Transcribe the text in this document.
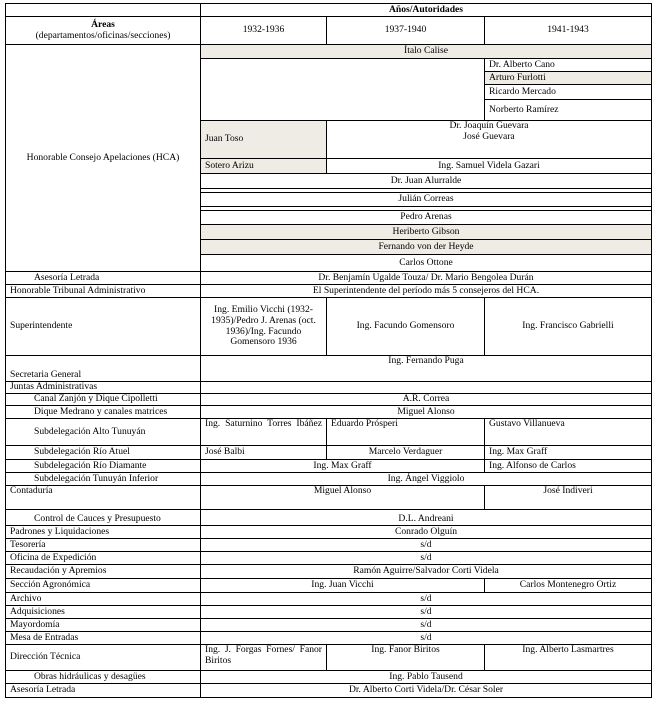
	Años/Autoridades		
Áreas
(departamentos/oficinas/secciones)	1932-1936	1937-1940	1941-1943
Honorable Consejo Apelaciones (HCA)	Ítalo Calise		
			Dr. Alberto Cano
			Arturo Furlotti
			Ricardo Mercado
			Norberto Ramírez
	Juan Toso	Dr. Joaquín Guevara
José Guevara	
	Sotero Arizu	Ing. Samuel Videla Gazari	
	Dr. Juan Alurralde		

	Julián Correas		

	Pedro Arenas		
	Heriberto Gibson		
	Fernando von der Heyde		
	Carlos Ottone		
Asesoría Letrada	Dr. Benjamín Ugalde Touza/ Dr. Mario Bengolea Durán		
Honorable Tribunal Administrativo	El Superintendente del período más 5 consejeros del HCA.		
Superintendente	Ing. Emilio Vicchi (1932-1935)/Pedro J. Arenas (oct. 1936)/Ing. Facundo Gomensoro 1936	Ing. Facundo Gomensoro	Ing. Francisco Gabrielli
Secretaria General	Ing. Fernando Puga		
Juntas Administrativas			
Canal Zanjón y Dique Cipolletti	A.R. Correa		
Dique Medrano y canales matrices	Miguel Alonso		
Subdelegación Alto Tunuyán	Ing. Saturnino Torres Ibáñez	Eduardo Prósperi	Gustavo Villanueva
Subdelegación Río Atuel	José Balbi	Marcelo Verdaguer	Ing. Max Graff
Subdelegación Río Diamante	Ing. Max Graff		Ing. Alfonso de Carlos
Subdelegación Tunuyán Inferior	Ing. Ángel Viggiolo		
Contaduría	Miguel Alonso		José Indiveri
Control de Cauces y Presupuesto	D.L. Andreani		
Padrones y Liquidaciones	Conrado Olguín		
Tesorería	s/d		
Oficina de Expedición	s/d		
Recaudación y Apremios	Ramón Aguirre/Salvador Corti Videla		
Sección Agronómica	Ing. Juan Vicchi		Carlos Montenegro Ortiz
Archivo	s/d		
Adquisiciones	s/d		
Mayordomía	s/d		
Mesa de Entradas	s/d		
Dirección Técnica	Ing. J. Forgas Fornes/ Fanor Biritos	Ing. Fanor Biritos	Ing. Alberto Lasmartres
Obras hidráulicas y desagües	Ing. Pablo Tausend		
Asesoría Letrada	Dr. Alberto Corti Videla/Dr. César Soler		
